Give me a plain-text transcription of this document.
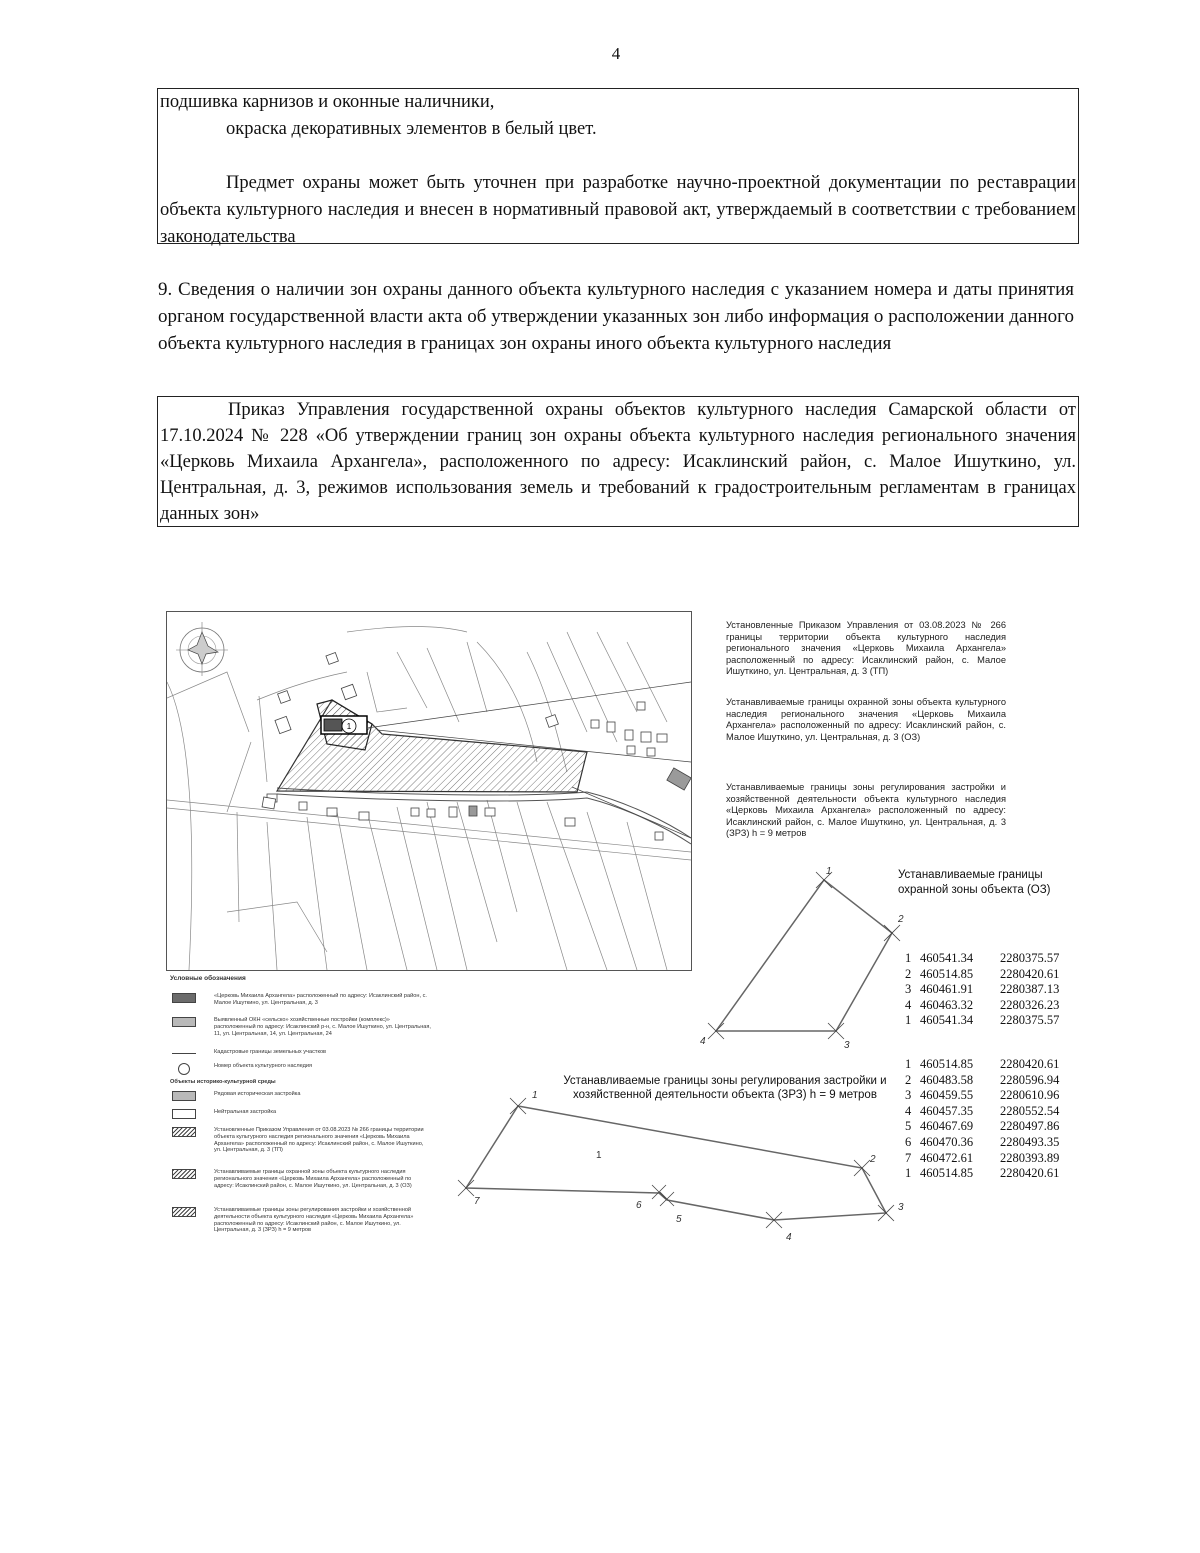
4

подшивка карнизов и оконные наличники,

окраска декоративных элементов в белый цвет.

Предмет охраны может быть уточнен при разработке научно-проектной документации по реставрации объекта культурного наследия и внесен в нормативный правовой акт, утверждаемый в соответствии с требованием законодательства

9. Сведения о наличии зон охраны данного объекта культурного наследия с указанием номера и даты принятия органом государственной власти акта об утверждении указанных зон либо информация о расположении данного объекта культурного наследия в границах зон охраны иного объекта культурного наследия

Приказ Управления государственной охраны объектов культурного наследия Самарской области от 17.10.2024 № 228 «Об утверждении границ зон охраны объекта культурного наследия регионального значения «Церковь Михаила Архангела», расположенного по адресу: Исаклинский район, с. Малое Ишуткино, ул. Центральная, д. 3, режимов использования земель и требований к градостроительным регламентам в границах данных зон»

1
Установленные Приказом Управления от 03.08.2023 № 266 границы территории объекта культурного наследия регионального значения «Церковь Михаила Архангела» расположенный по адресу: Исаклинский район, с. Малое Ишуткино, ул. Центральная, д. 3 (ТП)
Устанавливаемые границы охранной зоны объекта культурного наследия регионального значения «Церковь Михаила Архангела» расположенный по адресу: Исаклинский район, с. Малое Ишуткино, ул. Центральная, д. 3 (ОЗ)
Устанавливаемые границы зоны регулирования застройки и хозяйственной деятельности объекта культурного наследия «Церковь Михаила Архангела» расположенный по адресу: Исаклинский район, с. Малое Ишуткино, ул. Центральная, д. 3 (ЗРЗ) h = 9 метров
Условные обозначения
«Церковь Михаила Архангела» расположенный по адресу: Исаклинский район, с. Малое Ишуткино, ул. Центральная, д. 3
Выявленный ОКН «сельско» хозяйственные постройки (комплекс)» расположенный по адресу: Исаклинский р-н, с. Малое Ишуткино, ул. Центральная, 11, ул. Центральная, 14, ул. Центральная, 24
Кадастровые границы земельных участков
Номер объекта культурного наследия
Объекты историко-культурной среды
Рядовая историческая застройка
Нейтральная застройка
Установленные Приказом Управления от 03.08.2023 № 266 границы территории объекта культурного наследия регионального значения «Церковь Михаила Архангела» расположенный по адресу: Исаклинский район, с. Малое Ишуткино, ул. Центральная, д. 3 (ТП)
Устанавливаемые границы охранной зоны объекта культурного наследия регионального значения «Церковь Михаила Архангела» расположенный по адресу: Исаклинский район, с. Малое Ишуткино, ул. Центральная, д. 3 (ОЗ)
Устанавливаемые границы зоны регулирования застройки и хозяйственной деятельности объекта культурного наследия «Церковь Михаила Архангела» расположенный по адресу: Исаклинский район, с. Малое Ишуткино, ул. Центральная, д. 3 (ЗРЗ) h = 9 метров
Устанавливаемые границы охранной зоны объекта (ОЗ)
1 460541.34 2280375.57
2 460514.85 2280420.61
3 460461.91 2280387.13
4 460463.32 2280326.23
1 460541.34 2280375.57
Устанавливаемые границы зоны регулирования застройки и хозяйственной деятельности объекта (ЗРЗ) h = 9 метров
1 460514.85 2280420.61
2 460483.58 2280596.94
3 460459.55 2280610.96
4 460457.35 2280552.54
5 460467.69 2280497.86
6 460470.36 2280493.35
7 460472.61 2280393.89
1 460514.85 2280420.61
1
2
3
4
1
2
3
4
5
6
7
1
